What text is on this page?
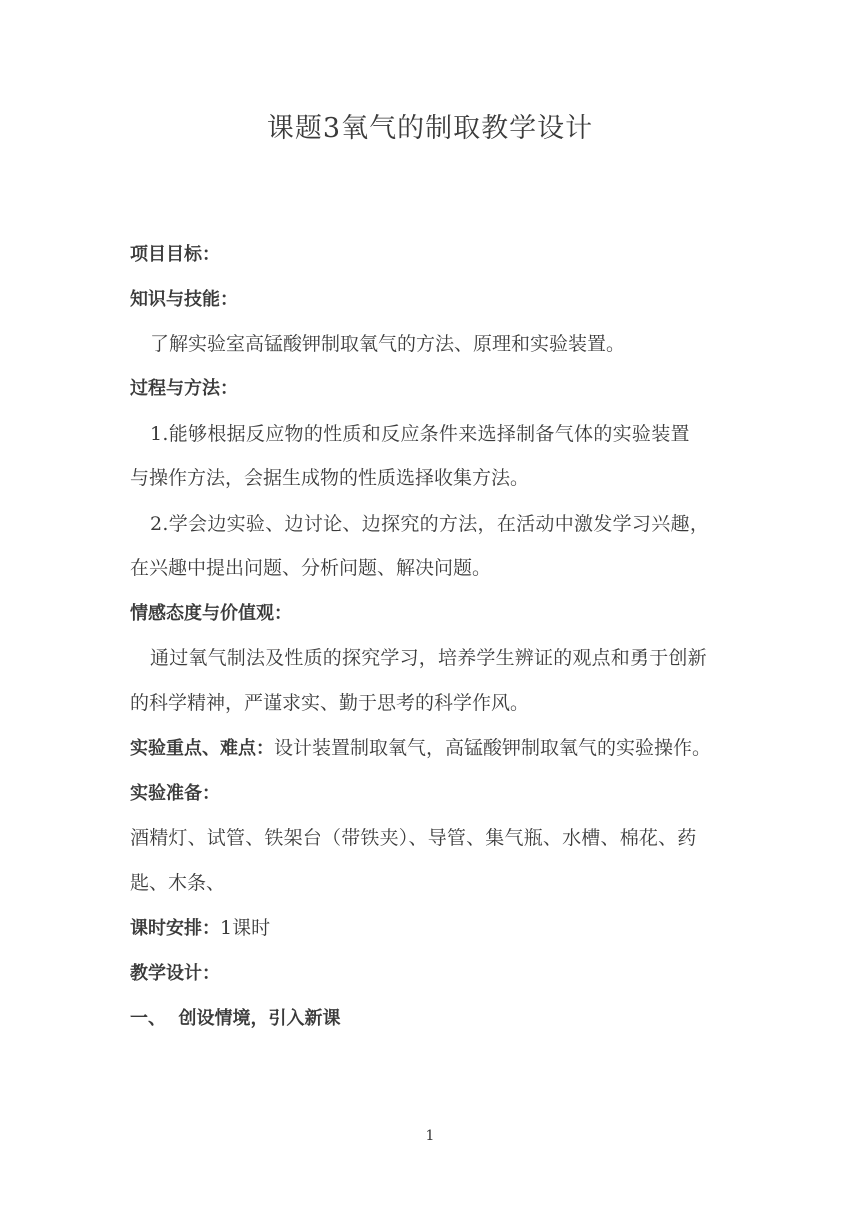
课题3氧气的制取教学设计
项目目标：
知识与技能：
了解实验室高锰酸钾制取氧气的方法、原理和实验装置。
过程与方法：
1.能够根据反应物的性质和反应条件来选择制备气体的实验装置
与操作方法，会据生成物的性质选择收集方法。
2.学会边实验、边讨论、边探究的方法，在活动中激发学习兴趣，
在兴趣中提出问题、分析问题、解决问题。
情感态度与价值观：
通过氧气制法及性质的探究学习，培养学生辨证的观点和勇于创新
的科学精神，严谨求实、勤于思考的科学作风。
实验重点、难点：设计装置制取氧气，高锰酸钾制取氧气的实验操作。
实验准备：
酒精灯、试管、铁架台（带铁夹）、导管、集气瓶、水槽、棉花、药
匙、木条、
课时安排：1课时
教学设计：
一、  创设情境，引入新课
1
